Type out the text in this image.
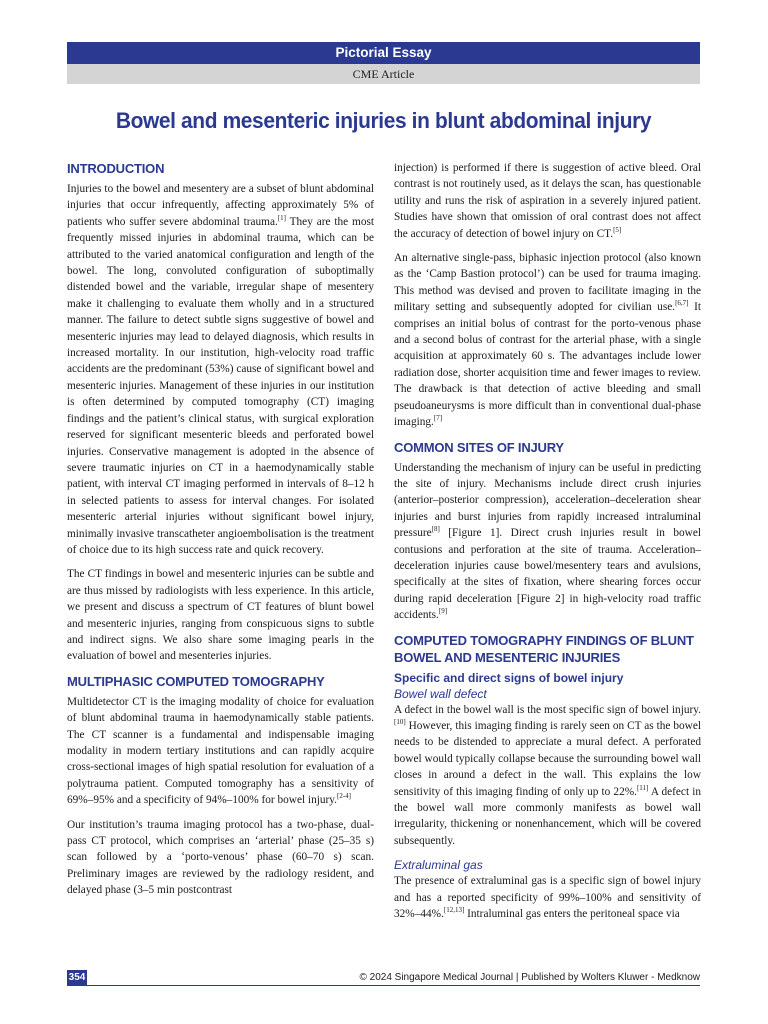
Pictorial Essay
CME Article
Bowel and mesenteric injuries in blunt abdominal injury
INTRODUCTION

Injuries to the bowel and mesentery are a subset of blunt abdominal injuries that occur infrequently, affecting approximately 5% of patients who suffer severe abdominal trauma.[1] They are the most frequently missed injuries in abdominal trauma, which can be attributed to the varied anatomical configuration and length of the bowel. The long, convoluted configuration of suboptimally distended bowel and the variable, irregular shape of mesentery make it challenging to evaluate them wholly and in a structured manner. The failure to detect subtle signs suggestive of bowel and mesenteric injuries may lead to delayed diagnosis, which results in increased mortality. In our institution, high-velocity road traffic accidents are the predominant (53%) cause of significant bowel and mesenteric injuries. Management of these injuries in our institution is often determined by computed tomography (CT) imaging findings and the patient’s clinical status, with surgical exploration reserved for significant mesenteric bleeds and perforated bowel injuries. Conservative management is adopted in the absence of severe traumatic injuries on CT in a haemodynamically stable patient, with interval CT imaging performed in intervals of 8–12 h in selected patients to assess for interval changes. For isolated mesenteric arterial injuries without significant bowel injury, minimally invasive transcatheter angioembolisation is the treatment of choice due to its high success rate and quick recovery.

The CT findings in bowel and mesenteric injuries can be subtle and are thus missed by radiologists with less experience. In this article, we present and discuss a spectrum of CT features of blunt bowel and mesenteric injuries, ranging from conspicuous signs to subtle and indirect signs. We also share some imaging pearls in the evaluation of bowel and mesenteries injuries.

MULTIPHASIC COMPUTED TOMOGRAPHY

Multidetector CT is the imaging modality of choice for evaluation of blunt abdominal trauma in haemodynamically stable patients. The CT scanner is a fundamental and indispensable imaging modality in modern tertiary institutions and can rapidly acquire cross-sectional images of high spatial resolution for evaluation of a polytrauma patient. Computed tomography has a sensitivity of 69%–95% and a specificity of 94%–100% for bowel injury.[2-4]

Our institution’s trauma imaging protocol has a two-phase, dual-pass CT protocol, which comprises an ‘arterial’ phase (25–35 s) scan followed by a ‘porto-venous’ phase (60–70 s) scan. Preliminary images are reviewed by the radiology resident, and delayed phase (3–5 min postcontrast

injection) is performed if there is suggestion of active bleed. Oral contrast is not routinely used, as it delays the scan, has questionable utility and runs the risk of aspiration in a severely injured patient. Studies have shown that omission of oral contrast does not affect the accuracy of detection of bowel injury on CT.[5]

An alternative single-pass, biphasic injection protocol (also known as the ‘Camp Bastion protocol’) can be used for trauma imaging. This method was devised and proven to facilitate imaging in the military setting and subsequently adopted for civilian use.[6,7] It comprises an initial bolus of contrast for the porto-venous phase and a second bolus of contrast for the arterial phase, with a single acquisition at approximately 60 s. The advantages include lower radiation dose, shorter acquisition time and fewer images to review. The drawback is that detection of active bleeding and small pseudoaneurysms is more difficult than in conventional dual-phase imaging.[7]

COMMON SITES OF INJURY

Understanding the mechanism of injury can be useful in predicting the site of injury. Mechanisms include direct crush injuries (anterior–posterior compression), acceleration–deceleration shear injuries and burst injuries from rapidly increased intraluminal pressure[8] [Figure 1]. Direct crush injuries result in bowel contusions and perforation at the site of trauma. Acceleration–deceleration injuries cause bowel/mesentery tears and avulsions, specifically at the sites of fixation, where shearing forces occur during rapid deceleration [Figure 2] in high-velocity road traffic accidents.[9]

COMPUTED TOMOGRAPHY FINDINGS OF BLUNT BOWEL AND MESENTERIC INJURIES
Specific and direct signs of bowel injury
Bowel wall defect

A defect in the bowel wall is the most specific sign of bowel injury.[10] However, this imaging finding is rarely seen on CT as the bowel needs to be distended to appreciate a mural defect. A perforated bowel would typically collapse because the surrounding bowel wall closes in around a defect in the wall. This explains the low sensitivity of this imaging finding of only up to 22%.[11] A defect in the bowel wall more commonly manifests as bowel wall irregularity, thickening or nonenhancement, which will be covered subsequently.

Extraluminal gas

The presence of extraluminal gas is a specific sign of bowel injury and has a reported specificity of 99%–100% and sensitivity of 32%–44%.[12,13] Intraluminal gas enters the peritoneal space via

354	© 2024 Singapore Medical Journal | Published by Wolters Kluwer - Medknow
